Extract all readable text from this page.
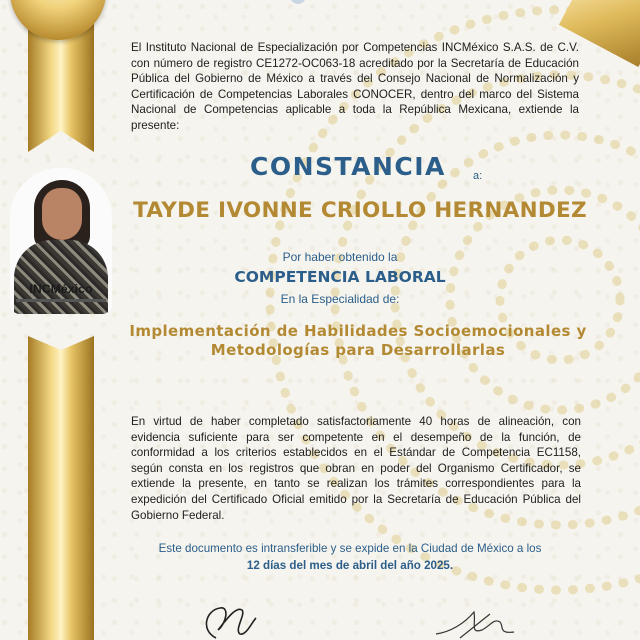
INCMéxico
El Instituto Nacional de Especialización por Competencias INCMéxico S.A.S. de C.V. con número de registro CE1272-OC063-18 acreditado por la Secretaría de Educación Pública del Gobierno de México a través del Consejo Nacional de Normalización y Certificación de Competencias Laborales CONOCER, dentro del marco del Sistema Nacional de Competencias aplicable a toda la República Mexicana, extiende la presente:
CONSTANCIA a:
TAYDE IVONNE CRIOLLO HERNANDEZ
Por haber obtenido la
COMPETENCIA LABORAL
En la Especialidad de:
Implementación de Habilidades Socioemocionales y
Metodologías para Desarrollarlas
En virtud de haber completado satisfactoriamente 40 horas de alineación, con evidencia suficiente para ser competente en el desempeño de la función, de conformidad a los criterios establecidos en el Estándar de Competencia EC1158, según consta en los registros que obran en poder del Organismo Certificador, se extiende la presente, en tanto se realizan los trámites correspondientes para la expedición del Certificado Oficial emitido por la Secretaría de Educación Pública del Gobierno Federal.
Este documento es intransferible y se expide en la Ciudad de México a los
12 días del mes de abril del año 2025.
